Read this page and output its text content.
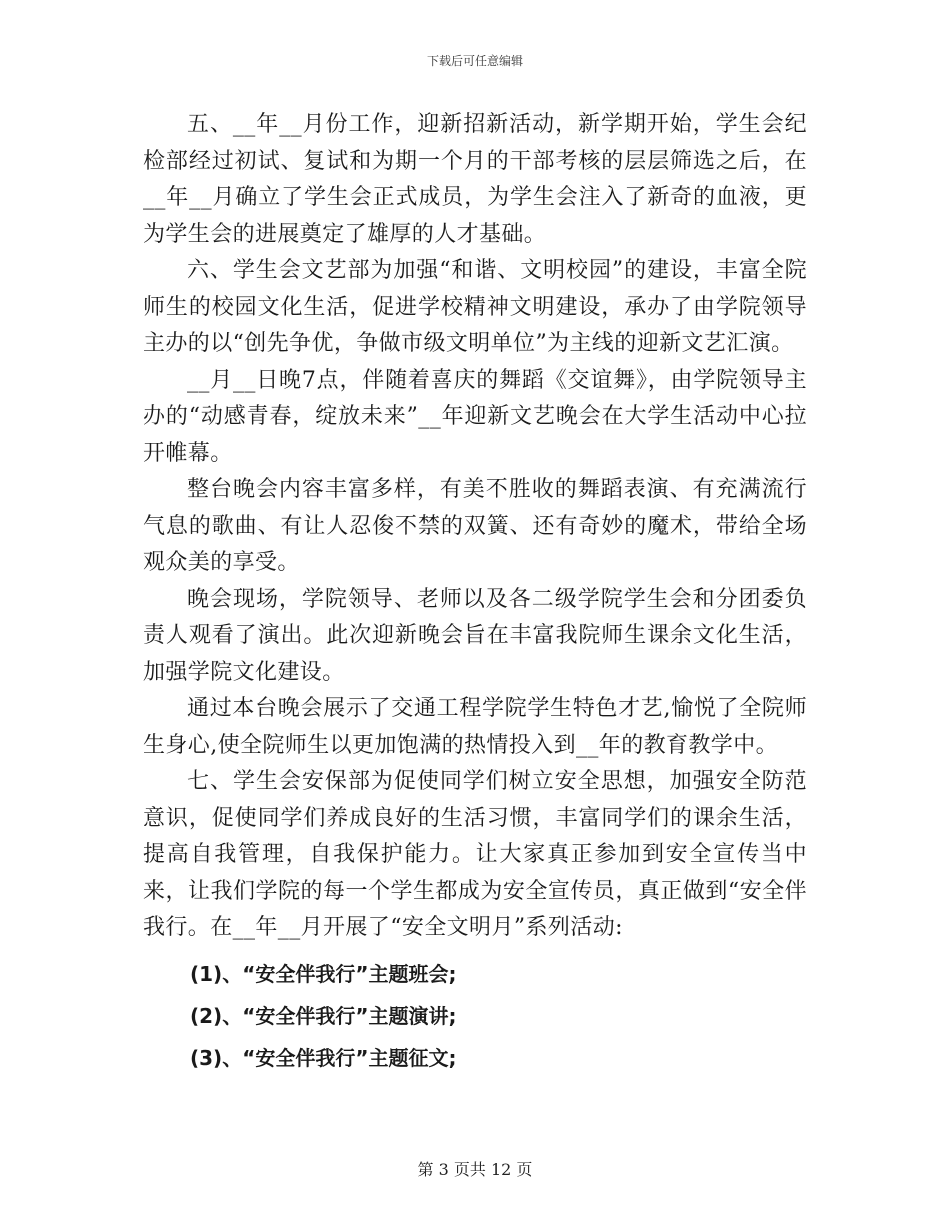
下载后可任意编辑

五、__年__月份工作，迎新招新活动，新学期开始，学生会纪检部经过初试、复试和为期一个月的干部考核的层层筛选之后，在__年__月确立了学生会正式成员，为学生会注入了新奇的血液，更为学生会的进展奠定了雄厚的人才基础。

六、学生会文艺部为加强“和谐、文明校园”的建设，丰富全院师生的校园文化生活，促进学校精神文明建设，承办了由学院领导主办的以“创先争优，争做市级文明单位”为主线的迎新文艺汇演。

__月__日晚7点，伴随着喜庆的舞蹈《交谊舞》，由学院领导主办的“动感青春，绽放未来”__年迎新文艺晚会在大学生活动中心拉开帷幕。

整台晚会内容丰富多样，有美不胜收的舞蹈表演、有充满流行气息的歌曲、有让人忍俊不禁的双簧、还有奇妙的魔术，带给全场观众美的享受。

晚会现场，学院领导、老师以及各二级学院学生会和分团委负责人观看了演出。此次迎新晚会旨在丰富我院师生课余文化生活，加强学院文化建设。

通过本台晚会展示了交通工程学院学生特色才艺,愉悦了全院师生身心,使全院师生以更加饱满的热情投入到__年的教育教学中。

七、学生会安保部为促使同学们树立安全思想，加强安全防范意识，促使同学们养成良好的生活习惯，丰富同学们的课余生活，提高自我管理，自我保护能力。让大家真正参加到安全宣传当中来，让我们学院的每一个学生都成为安全宣传员，真正做到“安全伴我行。在__年__月开展了“安全文明月”系列活动:

(1)、“安全伴我行”主题班会;

(2)、“安全伴我行”主题演讲;

(3)、“安全伴我行”主题征文;

第 3 页共 12 页
